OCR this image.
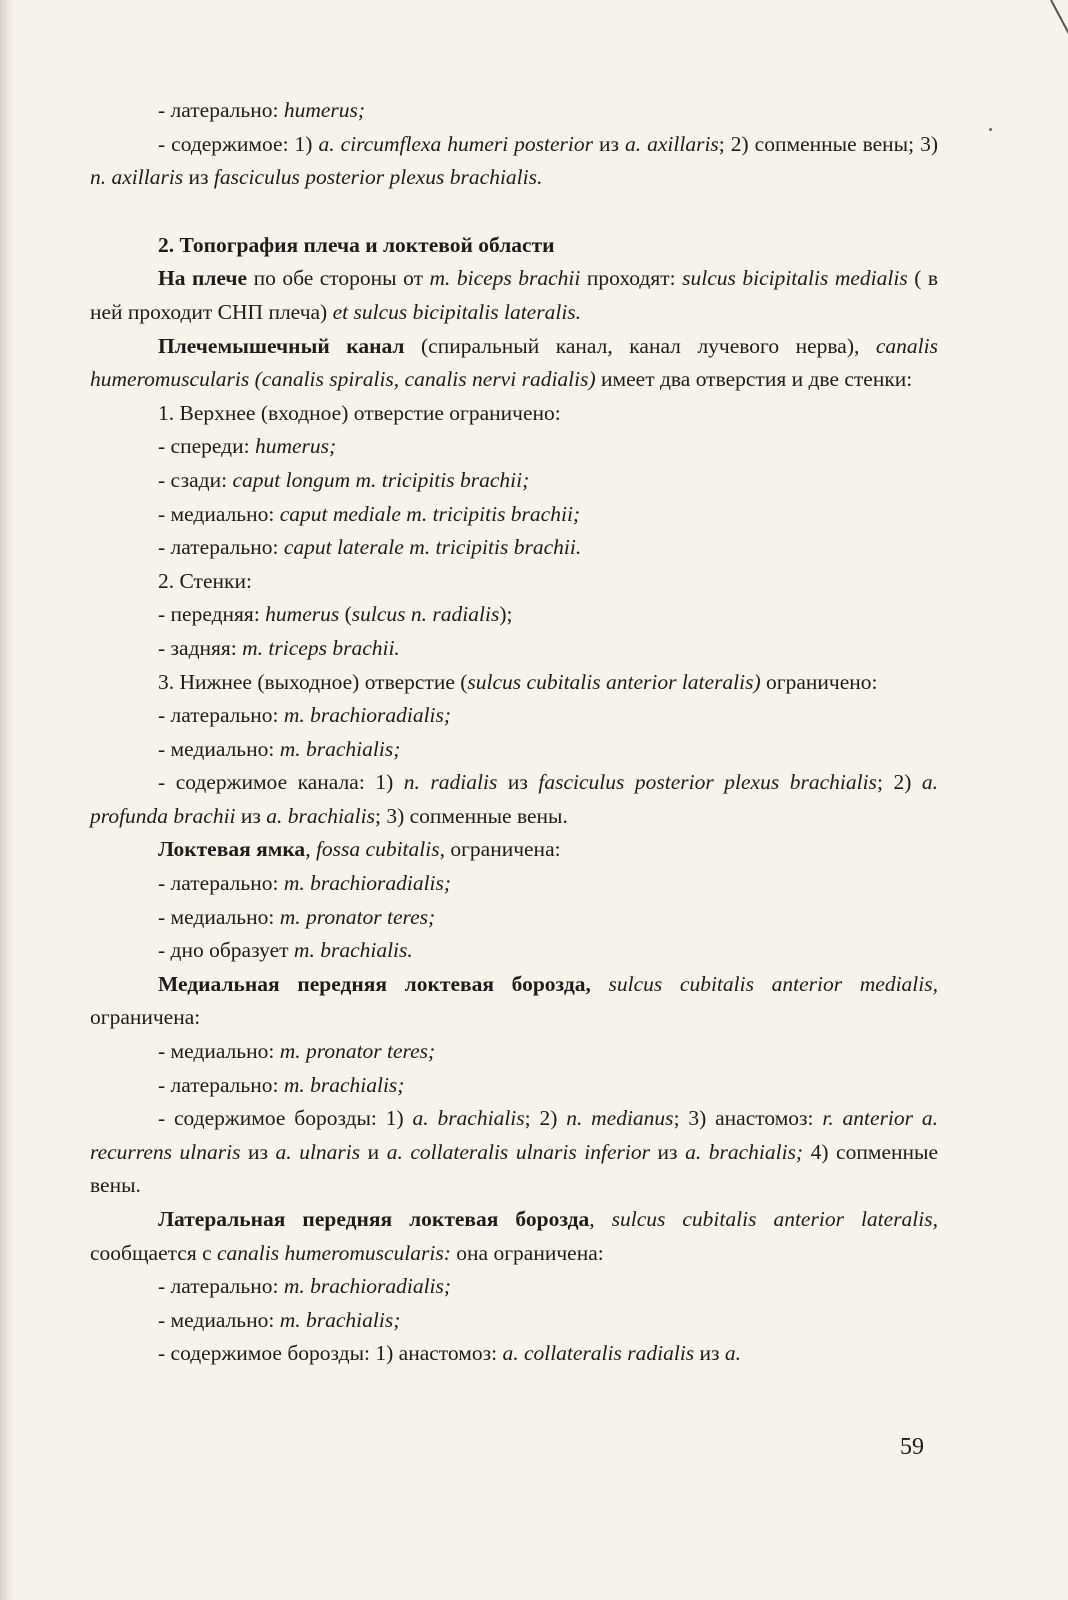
- латерально: humerus;

- содержимое: 1) a. circumflexa humeri posterior из a. axillaris; 2) сопменные вены; 3) n. axillaris из fasciculus posterior plexus brachialis.

2. Топография плеча и локтевой области

На плече по обе стороны от m. biceps brachii проходят: sulcus bicipitalis medialis ( в ней проходит СНП плеча) et sulcus bicipitalis lateralis.

Плечемышечный канал (спиральный канал, канал лучевого нерва), canalis humeromuscularis (canalis spiralis, canalis nervi radialis) имеет два отверстия и две стенки:

1. Верхнее (входное) отверстие ограничено:

- спереди: humerus;

- сзади: caput longum m. tricipitis brachii;

- медиально: caput mediale m. tricipitis brachii;

- латерально: caput laterale m. tricipitis brachii.

2. Стенки:

- передняя: humerus (sulcus n. radialis);

- задняя: m. triceps brachii.

3. Нижнее (выходное) отверстие (sulcus cubitalis anterior lateralis) ограничено:

- латерально: m. brachioradialis;

- медиально: m. brachialis;

- содержимое канала: 1) n. radialis из fasciculus posterior plexus brachialis; 2) a. profunda brachii из a. brachialis; 3) сопменные вены.

Локтевая ямка, fossa cubitalis, ограничена:

- латерально: m. brachioradialis;

- медиально: m. pronator teres;

- дно образует m. brachialis.

Медиальная передняя локтевая борозда, sulcus cubitalis anterior medialis, ограничена:

- медиально: m. pronator teres;

- латерально: m. brachialis;

- содержимое борозды: 1) a. brachialis; 2) n. medianus; 3) анастомоз: r. anterior a. recurrens ulnaris из a. ulnaris и a. collateralis ulnaris inferior из a. brachialis; 4) сопменные вены.

Латеральная передняя локтевая борозда, sulcus cubitalis anterior lateralis, сообщается с canalis humeromuscularis: она ограничена:

- латерально: m. brachioradialis;

- медиально: m. brachialis;

- содержимое борозды: 1) анастомоз: a. collateralis radialis из a.

59
